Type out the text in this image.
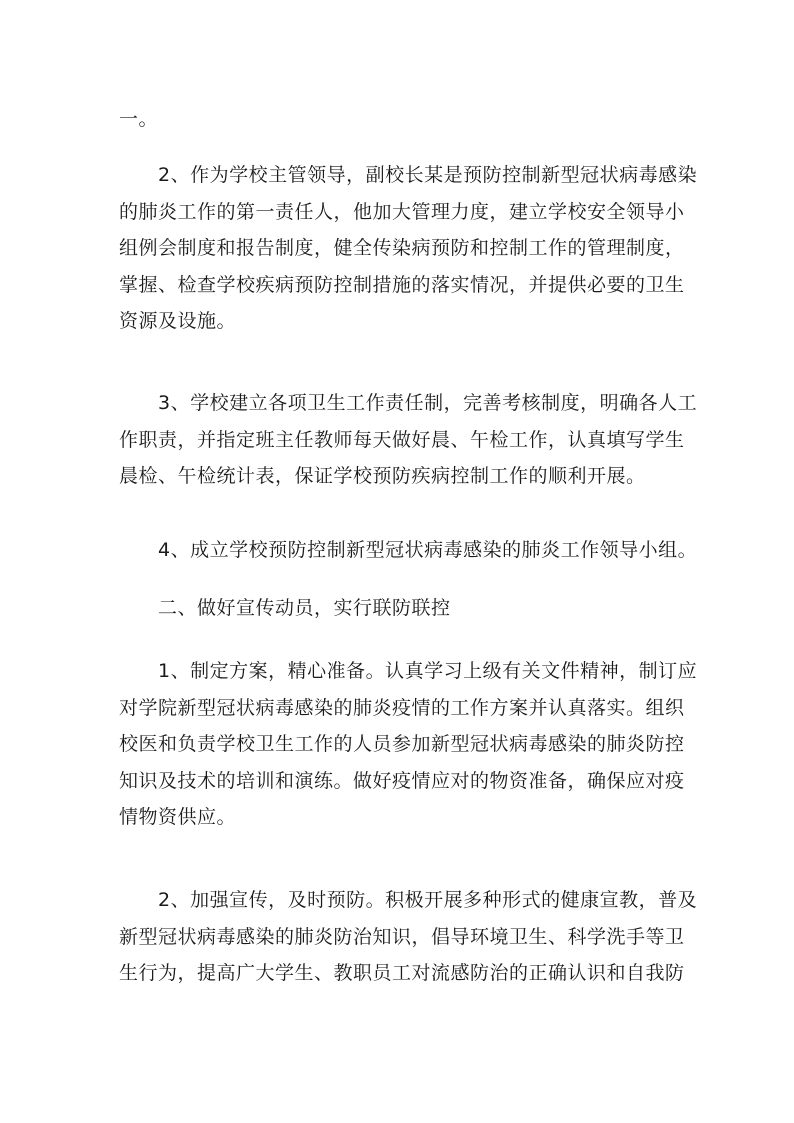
一。
2、作为学校主管领导，副校长某是预防控制新型冠状病毒感染
的肺炎工作的第一责任人，他加大管理力度，建立学校安全领导小
组例会制度和报告制度，健全传染病预防和控制工作的管理制度，
掌握、检查学校疾病预防控制措施的落实情况，并提供必要的卫生
资源及设施。
3、学校建立各项卫生工作责任制，完善考核制度，明确各人工
作职责，并指定班主任教师每天做好晨、午检工作，认真填写学生
晨检、午检统计表，保证学校预防疾病控制工作的顺利开展。
4、成立学校预防控制新型冠状病毒感染的肺炎工作领导小组。
二、做好宣传动员，实行联防联控
1、制定方案，精心准备。认真学习上级有关文件精神，制订应
对学院新型冠状病毒感染的肺炎疫情的工作方案并认真落实。组织
校医和负责学校卫生工作的人员参加新型冠状病毒感染的肺炎防控
知识及技术的培训和演练。做好疫情应对的物资准备，确保应对疫
情物资供应。
2、加强宣传，及时预防。积极开展多种形式的健康宣教，普及
新型冠状病毒感染的肺炎防治知识，倡导环境卫生、科学洗手等卫
生行为，提高广大学生、教职员工对流感防治的正确认识和自我防
